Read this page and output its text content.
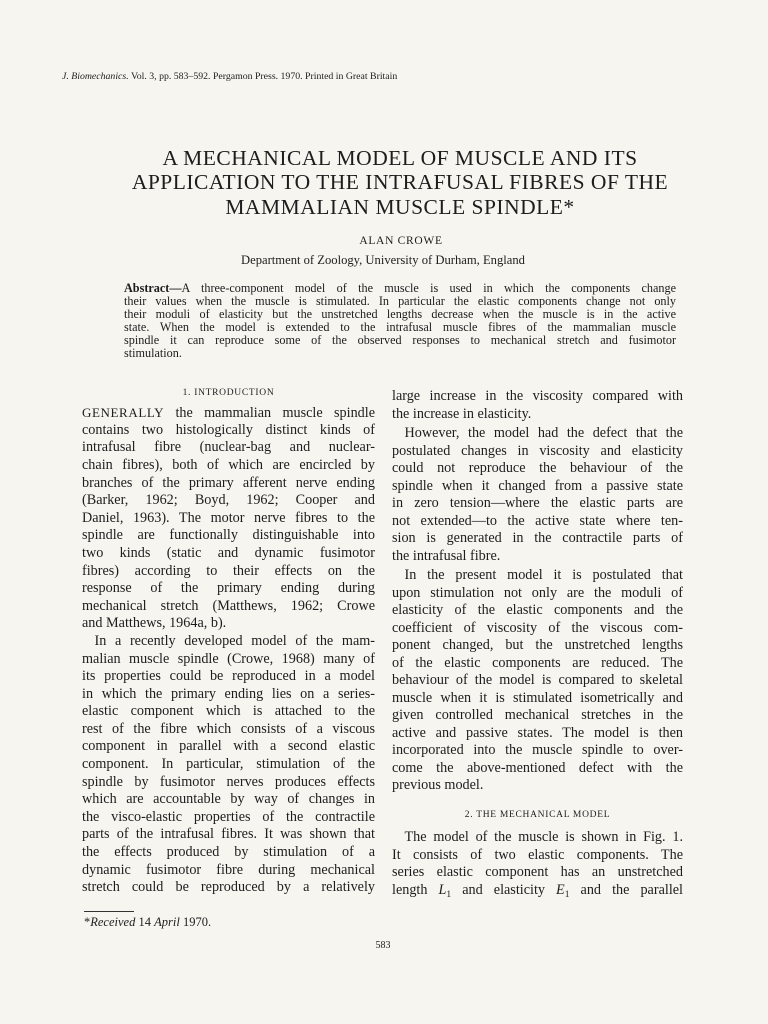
J. Biomechanics. Vol. 3, pp. 583–592. Pergamon Press. 1970. Printed in Great Britain
A MECHANICAL MODEL OF MUSCLE AND ITS
APPLICATION TO THE INTRAFUSAL FIBRES OF THE
MAMMALIAN MUSCLE SPINDLE*
ALAN CROWE
Department of Zoology, University of Durham, England
Abstract—A three-component model of the muscle is used in which the components change
their values when the muscle is stimulated. In particular the elastic components change not only
their moduli of elasticity but the unstretched lengths decrease when the muscle is in the active
state. When the model is extended to the intrafusal muscle fibres of the mammalian muscle
spindle it can reproduce some of the observed responses to mechanical stretch and fusimotor
stimulation.
1. INTRODUCTION
GENERALLY the mammalian muscle spindle
contains two histologically distinct kinds of
intrafusal fibre (nuclear-bag and nuclear-
chain fibres), both of which are encircled by
branches of the primary afferent nerve ending
(Barker, 1962; Boyd, 1962; Cooper and
Daniel, 1963). The motor nerve fibres to the
spindle are functionally distinguishable into
two kinds (static and dynamic fusimotor
fibres) according to their effects on the
response of the primary ending during
mechanical stretch (Matthews, 1962; Crowe
and Matthews, 1964a, b).
In a recently developed model of the mam-
malian muscle spindle (Crowe, 1968) many of
its properties could be reproduced in a model
in which the primary ending lies on a series-
elastic component which is attached to the
rest of the fibre which consists of a viscous
component in parallel with a second elastic
component. In particular, stimulation of the
spindle by fusimotor nerves produces effects
which are accountable by way of changes in
the visco-elastic properties of the contractile
parts of the intrafusal fibres. It was shown that
the effects produced by stimulation of a
dynamic fusimotor fibre during mechanical
stretch could be reproduced by a relatively
large increase in the viscosity compared with
the increase in elasticity.
However, the model had the defect that the
postulated changes in viscosity and elasticity
could not reproduce the behaviour of the
spindle when it changed from a passive state
in zero tension—where the elastic parts are
not extended—to the active state where ten-
sion is generated in the contractile parts of
the intrafusal fibre.
In the present model it is postulated that
upon stimulation not only are the moduli of
elasticity of the elastic components and the
coefficient of viscosity of the viscous com-
ponent changed, but the unstretched lengths
of the elastic components are reduced. The
behaviour of the model is compared to skeletal
muscle when it is stimulated isometrically and
given controlled mechanical stretches in the
active and passive states. The model is then
incorporated into the muscle spindle to over-
come the above-mentioned defect with the
previous model.
2. THE MECHANICAL MODEL
The model of the muscle is shown in Fig. 1.
It consists of two elastic components. The
series elastic component has an unstretched
length $L_1$ and elasticity $E_1$ and the parallel
*Received 14 April 1970.
583
